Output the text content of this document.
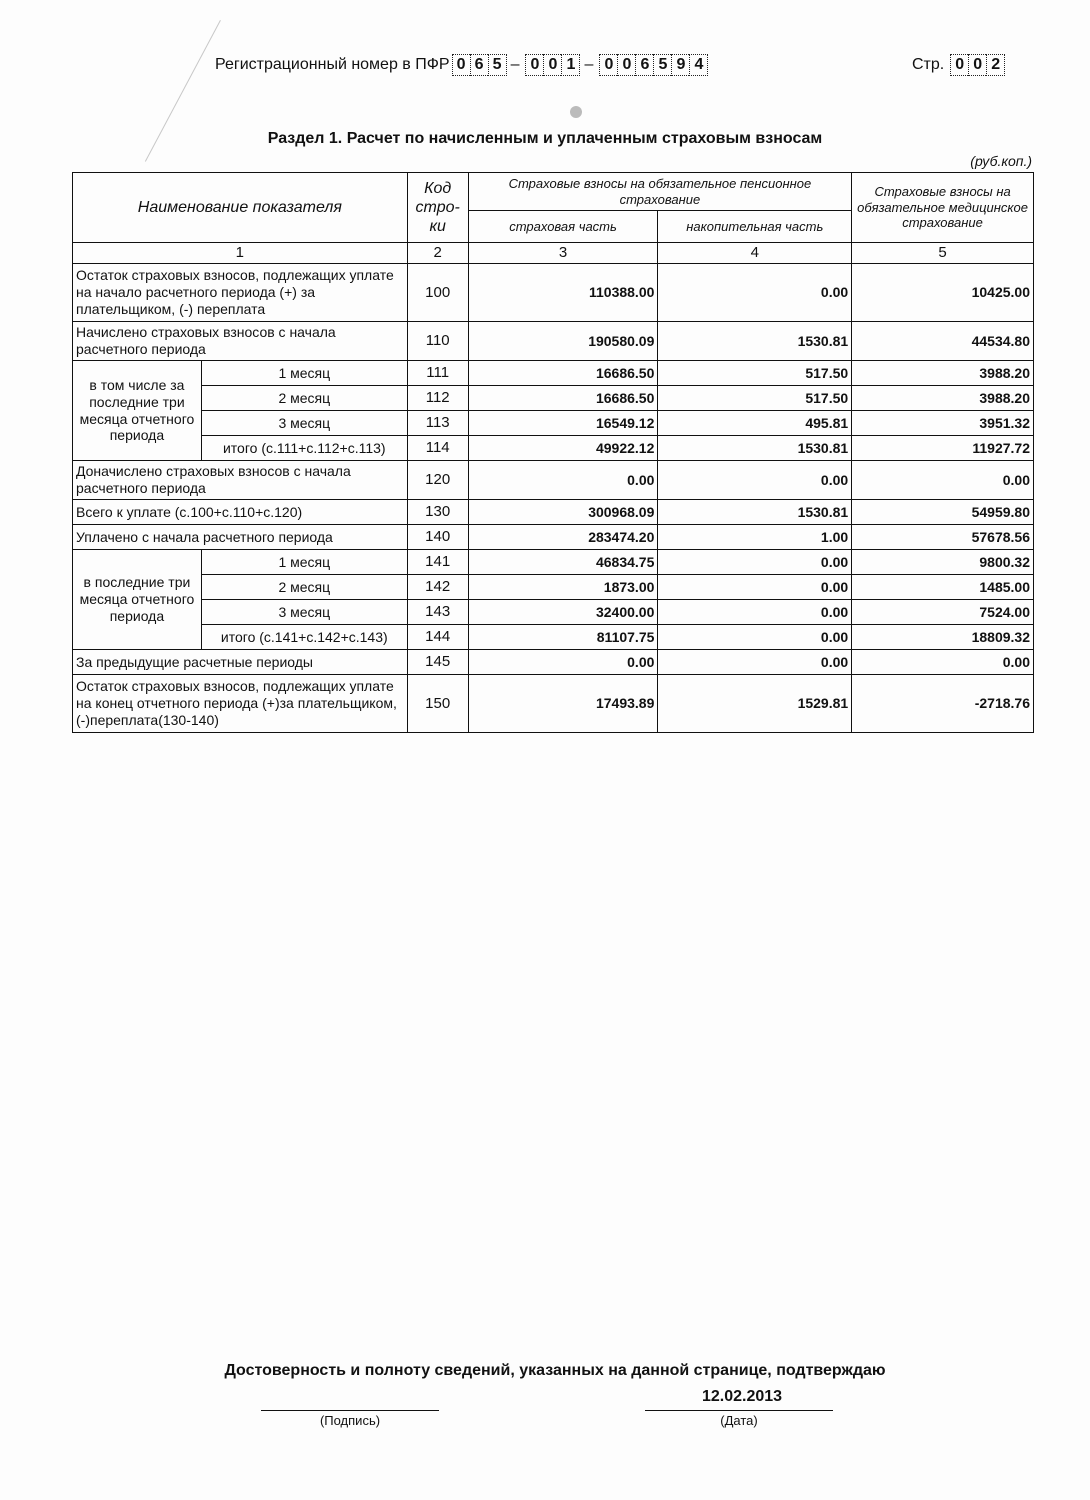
Регистрационный номер в ПФР 0 6 5 – 0 0 1 – 0 0 6 5 9 4	Стр. 0 0 2
Раздел 1. Расчет по начисленным и уплаченным страховым взносам
(руб.коп.)
Наименование показателя		Код стро- ки	Страховые взносы на обязательное пенсионное страхование		Страховые взносы на обязательное медицинское страхование
			страховая часть	накопительная часть	
1		2	3	4	5
Остаток страховых взносов, подлежащих уплате на начало расчетного периода (+) за плательщиком, (-) переплата		100	110388.00	0.00	10425.00
Начислено страховых взносов с начала расчетного периода		110	190580.09	1530.81	44534.80
в том числе за последние три месяца отчетного периода	1 месяц	111	16686.50	517.50	3988.20
	2 месяц	112	16686.50	517.50	3988.20
	3 месяц	113	16549.12	495.81	3951.32
	итого (с.111+с.112+с.113)	114	49922.12	1530.81	11927.72
Доначислено страховых взносов с начала расчетного периода		120	0.00	0.00	0.00
Всего к уплате (с.100+с.110+с.120)		130	300968.09	1530.81	54959.80
Уплачено с начала расчетного периода		140	283474.20	1.00	57678.56
в последние три месяца отчетного периода	1 месяц	141	46834.75	0.00	9800.32
	2 месяц	142	1873.00	0.00	1485.00
	3 месяц	143	32400.00	0.00	7524.00
	итого (с.141+с.142+с.143)	144	81107.75	0.00	18809.32
За предыдущие расчетные периоды		145	0.00	0.00	0.00
Остаток страховых взносов, подлежащих уплате на конец отчетного периода (+)за плательщиком,(-)переплата(130-140)		150	17493.89	1529.81	-2718.76
Достоверность и полноту сведений, указанных на данной странице, подтверждаю
12.02.2013
(Подпись)	(Дата)
